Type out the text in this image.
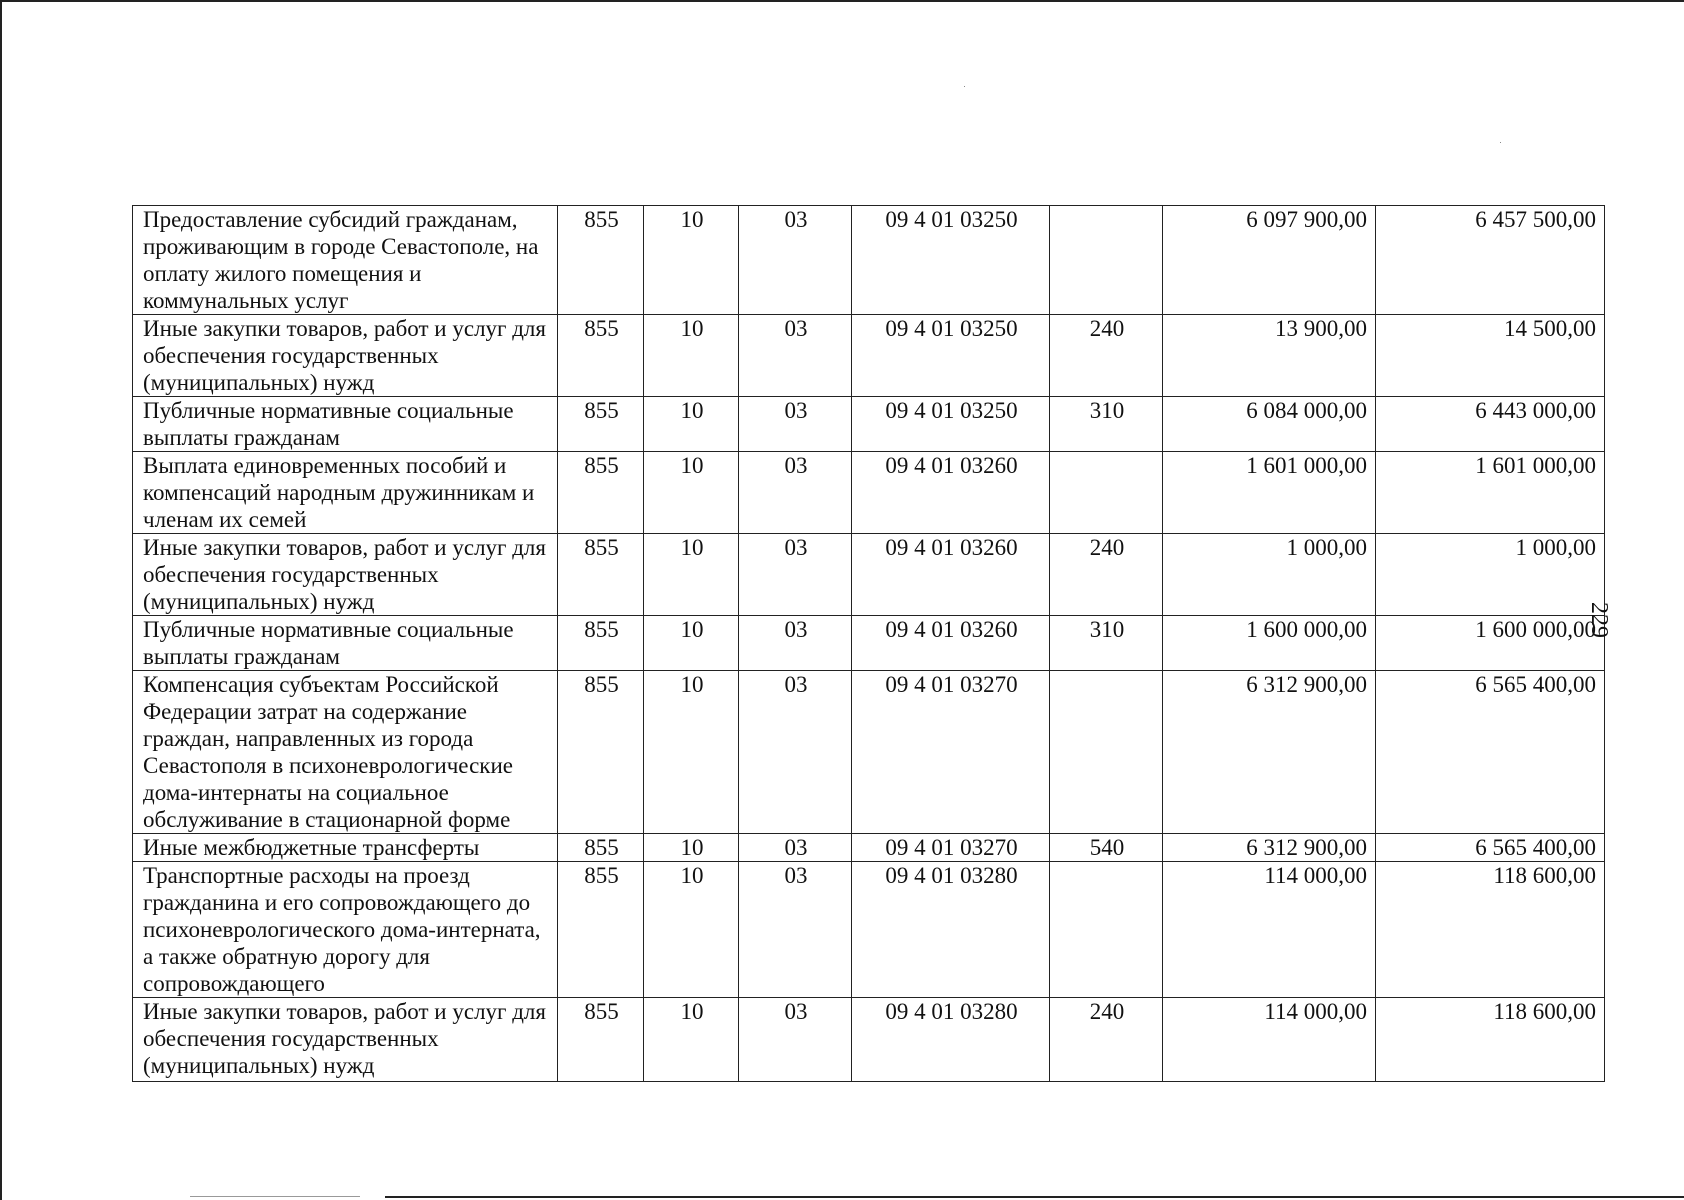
Предоставление субсидий гражданам, проживающим в городе Севастополе, на оплату жилого помещения и коммунальных услуг	855	10	03	09 4 01 03250		6 097 900,00	6 457 500,00
Иные закупки товаров, работ и услуг для обеспечения государственных (муниципальных) нужд	855	10	03	09 4 01 03250	240	13 900,00	14 500,00
Публичные нормативные социальные выплаты гражданам	855	10	03	09 4 01 03250	310	6 084 000,00	6 443 000,00
Выплата единовременных пособий и компенсаций народным дружинникам и членам их семей	855	10	03	09 4 01 03260		1 601 000,00	1 601 000,00
Иные закупки товаров, работ и услуг для обеспечения государственных (муниципальных) нужд	855	10	03	09 4 01 03260	240	1 000,00	1 000,00
Публичные нормативные социальные выплаты гражданам	855	10	03	09 4 01 03260	310	1 600 000,00	1 600 000,00
Компенсация субъектам Российской Федерации затрат на содержание граждан, направленных из города Севастополя в психоневрологические дома-интернаты на социальное обслуживание в стационарной форме	855	10	03	09 4 01 03270		6 312 900,00	6 565 400,00
Иные межбюджетные трансферты	855	10	03	09 4 01 03270	540	6 312 900,00	6 565 400,00
Транспортные расходы на проезд гражданина и его сопровождающего до психоневрологического дома-интерната, а также обратную дорогу для сопровождающего	855	10	03	09 4 01 03280		114 000,00	118 600,00
Иные закупки товаров, работ и услуг для обеспечения государственных (муниципальных) нужд	855	10	03	09 4 01 03280	240	114 000,00	118 600,00
229
